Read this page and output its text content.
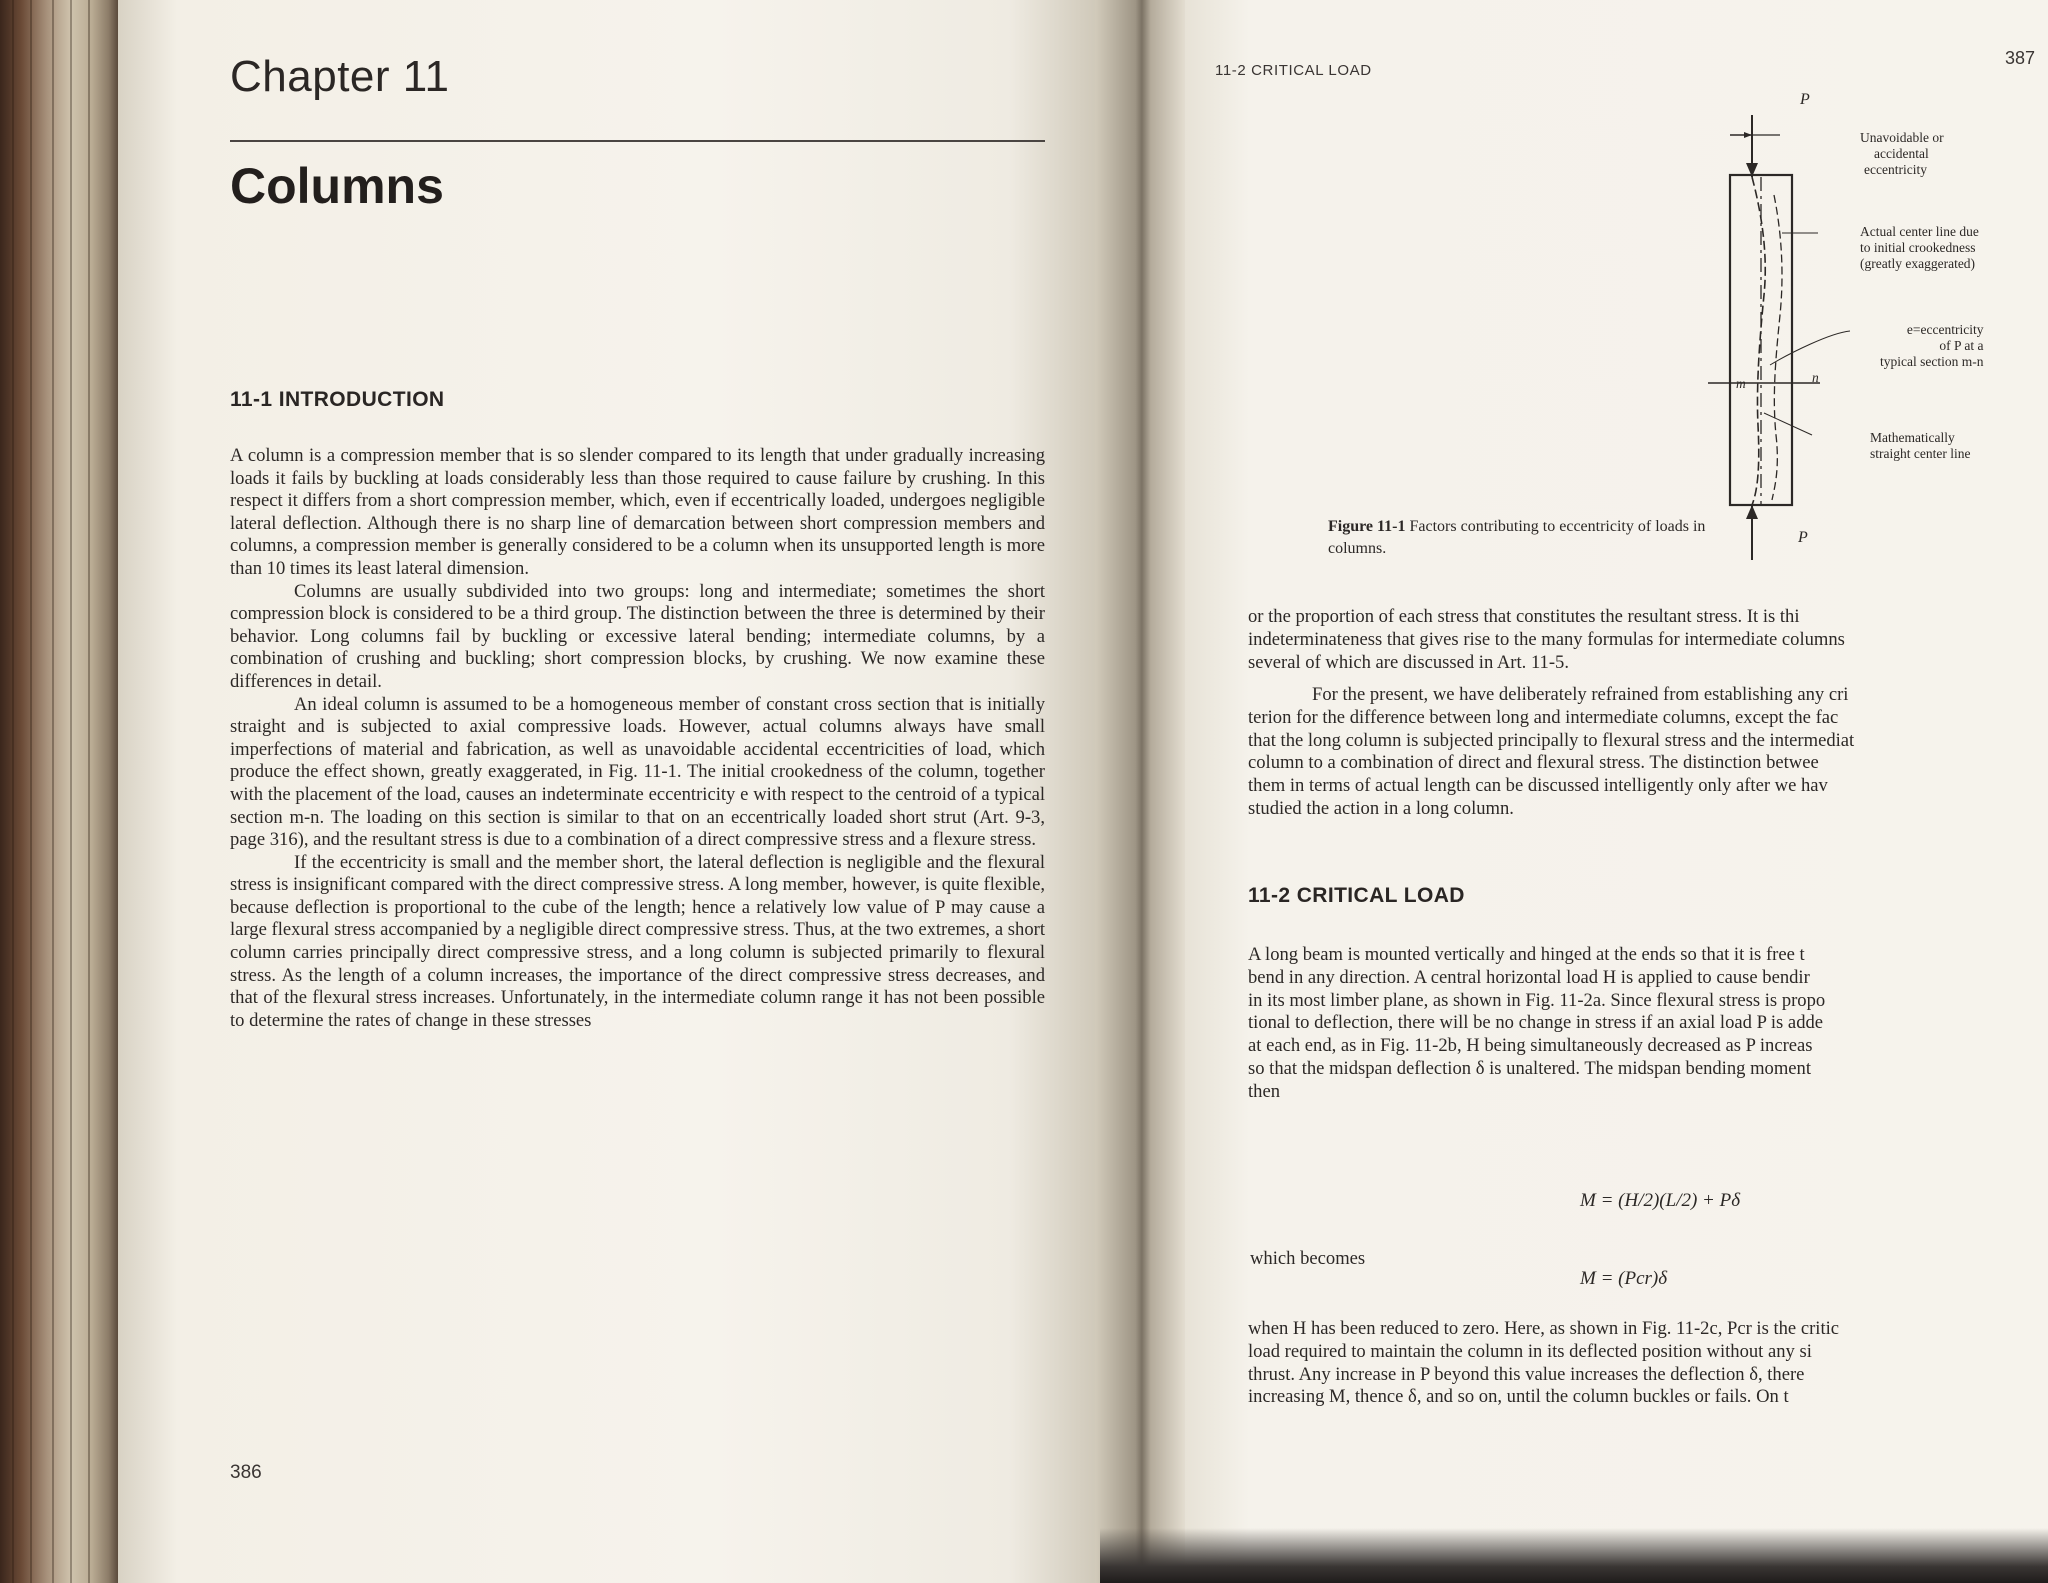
Chapter 11
Columns
11-1 INTRODUCTION

A column is a compression member that is so slender compared to its length that under gradually increasing loads it fails by buckling at loads considerably less than those required to cause failure by crushing. In this respect it differs from a short compression member, which, even if eccentrically loaded, undergoes negligible lateral deflection. Although there is no sharp line of demarcation between short compression members and columns, a compression member is generally considered to be a column when its unsupported length is more than 10 times its least lateral dimension.

Columns are usually subdivided into two groups: long and intermediate; sometimes the short compression block is considered to be a third group. The distinction between the three is determined by their behavior. Long columns fail by buckling or excessive lateral bending; intermediate columns, by a combination of crushing and buckling; short compression blocks, by crushing. We now examine these differences in detail.

An ideal column is assumed to be a homogeneous member of constant cross section that is initially straight and is subjected to axial compressive loads. However, actual columns always have small imperfections of material and fabrication, as well as unavoidable accidental eccentricities of load, which produce the effect shown, greatly exaggerated, in Fig. 11-1. The initial crookedness of the column, together with the placement of the load, causes an indeterminate eccentricity e with respect to the centroid of a typical section m-n. The loading on this section is similar to that on an eccentrically loaded short strut (Art. 9-3, page 316), and the resultant stress is due to a combination of a direct compressive stress and a flexure stress.

If the eccentricity is small and the member short, the lateral deflection is negligible and the flexural stress is insignificant compared with the direct compressive stress. A long member, however, is quite flexible, because deflection is proportional to the cube of the length; hence a relatively low value of P may cause a large flexural stress accompanied by a negligible direct compressive stress. Thus, at the two extremes, a short column carries principally direct compressive stress, and a long column is subjected primarily to flexural stress. As the length of a column increases, the importance of the direct compressive stress decreases, and that of the flexural stress increases. Unfortunately, in the intermediate column range it has not been possible to determine the rates of change in these stresses

386
11-2 CRITICAL LOAD
387
P
Unavoidable or
accidental
eccentricity
Actual center line due
to initial crookedness
(greatly exaggerated)
e=eccentricity
of P at a
typical section m-n
m	n
Mathematically
straight center line
P
Figure 11-1 Factors contributing to eccentricity of loads in columns.
or the proportion of each stress that constitutes the resultant stress. It is thi
indeterminateness that gives rise to the many formulas for intermediate columns
several of which are discussed in Art. 11-5.
For the present, we have deliberately refrained from establishing any cri
terion for the difference between long and intermediate columns, except the fac
that the long column is subjected principally to flexural stress and the intermediat
column to a combination of direct and flexural stress. The distinction betwee
them in terms of actual length can be discussed intelligently only after we hav
studied the action in a long column.
11-2 CRITICAL LOAD
A long beam is mounted vertically and hinged at the ends so that it is free t
bend in any direction. A central horizontal load H is applied to cause bendir
in its most limber plane, as shown in Fig. 11-2a. Since flexural stress is propo
tional to deflection, there will be no change in stress if an axial load P is adde
at each end, as in Fig. 11-2b, H being simultaneously decreased as P increas
so that the midspan deflection δ is unaltered. The midspan bending moment
then
M = (H/2)(L/2) + Pδ
which becomes
M = (Pcr)δ
when H has been reduced to zero. Here, as shown in Fig. 11-2c, Pcr is the critic
load required to maintain the column in its deflected position without any si
thrust. Any increase in P beyond this value increases the deflection δ, there
increasing M, thence δ, and so on, until the column buckles or fails. On t
